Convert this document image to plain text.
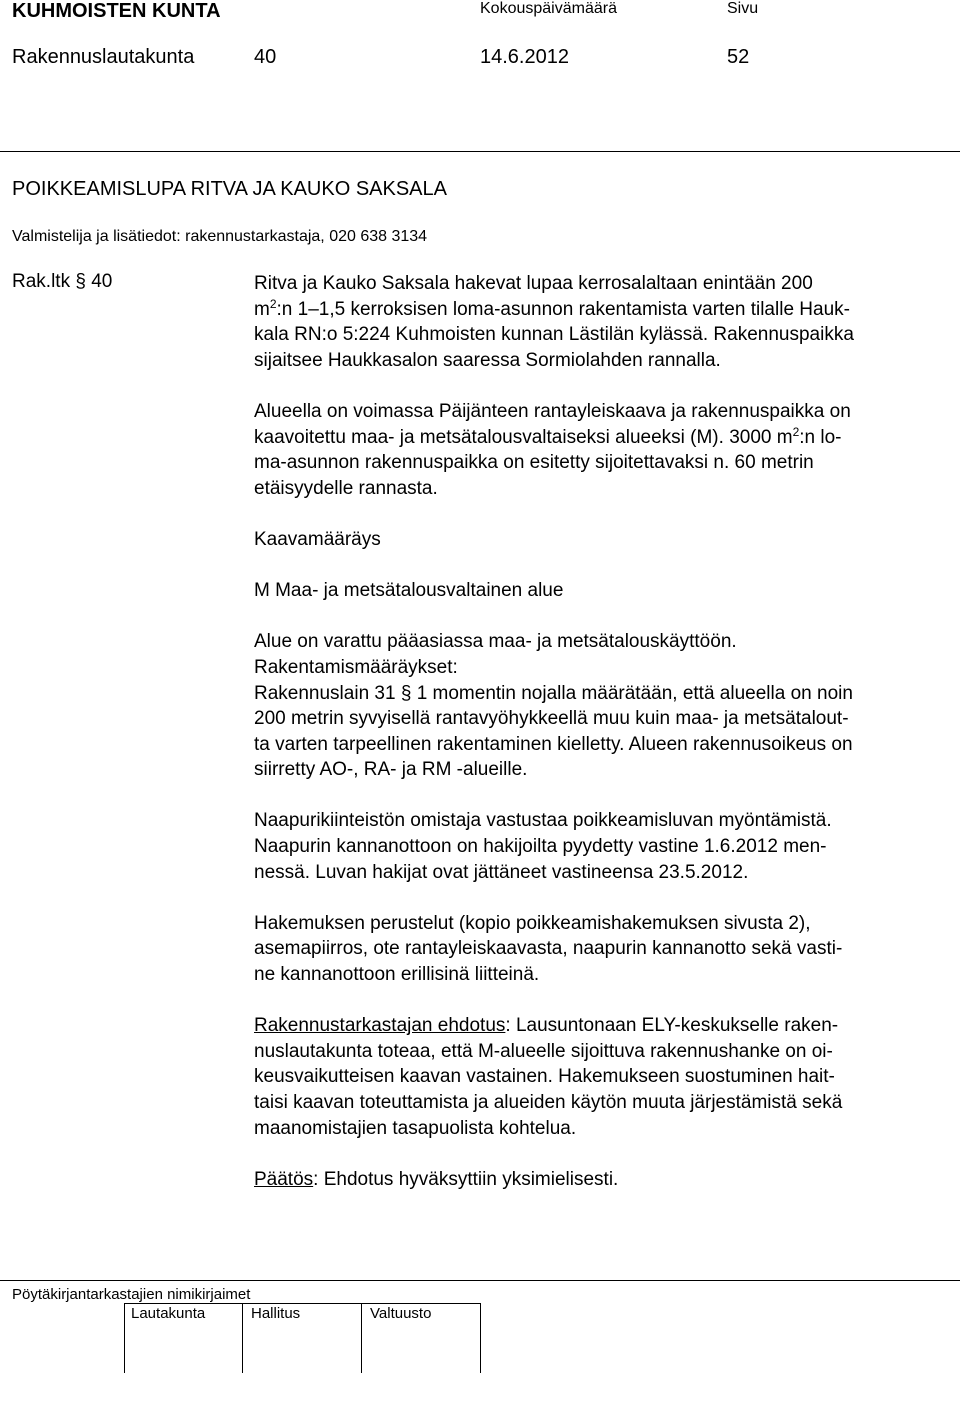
KUHMOISTEN KUNTA	Kokouspäivämäärä	Sivu
Rakennuslautakunta	40	14.6.2012	52
POIKKEAMISLUPA RITVA JA KAUKO SAKSALA
Valmistelija ja lisätiedot: rakennustarkastaja, 020 638 3134
Rak.ltk § 40	Ritva ja Kauko Saksala hakevat lupaa kerrosalaltaan enintään 200
$m^2:n$ 1–1,5 kerroksisen loma-asunnon rakentamista varten tilalle Hauk-
kala RN:o 5:224 Kuhmoisten kunnan Lästilän kylässä. Rakennuspaikka
sijaitsee Haukkasalon saaressa Sormiolahden rannalla.

Alueella on voimassa Päijänteen rantayleiskaava ja rakennuspaikka on
kaavoitettu maa- ja metsätalousvaltaiseksi alueeksi (M). 3000 $m^2:n$ lo-
ma-asunnon rakennuspaikka on esitetty sijoitettavaksi n. 60 metrin
etäisyydelle rannasta.

Kaavamääräys

M Maa- ja metsätalousvaltainen alue

Alue on varattu pääasiassa maa- ja metsätalouskäyttöön.
Rakentamismääräykset:
Rakennuslain 31 § 1 momentin nojalla määrätään, että alueella on noin
200 metrin syvyisellä rantavyöhykkeellä muu kuin maa- ja metsätalout-
ta varten tarpeellinen rakentaminen kielletty. Alueen rakennusoikeus on
siirretty AO-, RA- ja RM -alueille.

Naapurikiinteistön omistaja vastustaa poikkeamisluvan myöntämistä.
Naapurin kannanottoon on hakijoilta pyydetty vastine 1.6.2012 men-
nessä. Luvan hakijat ovat jättäneet vastineensa 23.5.2012.

Hakemuksen perustelut (kopio poikkeamishakemuksen sivusta 2),
asemapiirros, ote rantayleiskaavasta, naapurin kannanotto sekä vasti-
ne kannanottoon erillisinä liitteinä.

Rakennustarkastajan ehdotus: Lausuntonaan ELY-keskukselle raken-
nuslautakunta toteaa, että M-alueelle sijoittuva rakennushanke on oi-
keusvaikutteisen kaavan vastainen. Hakemukseen suostuminen hait-
taisi kaavan toteuttamista ja alueiden käytön muuta järjestämistä sekä
maanomistajien tasapuolista kohtelua.

Päätös: Ehdotus hyväksyttiin yksimielisesti.

Pöytäkirjantarkastajien nimikirjaimet
Lautakunta	Hallitus	Valtuusto
